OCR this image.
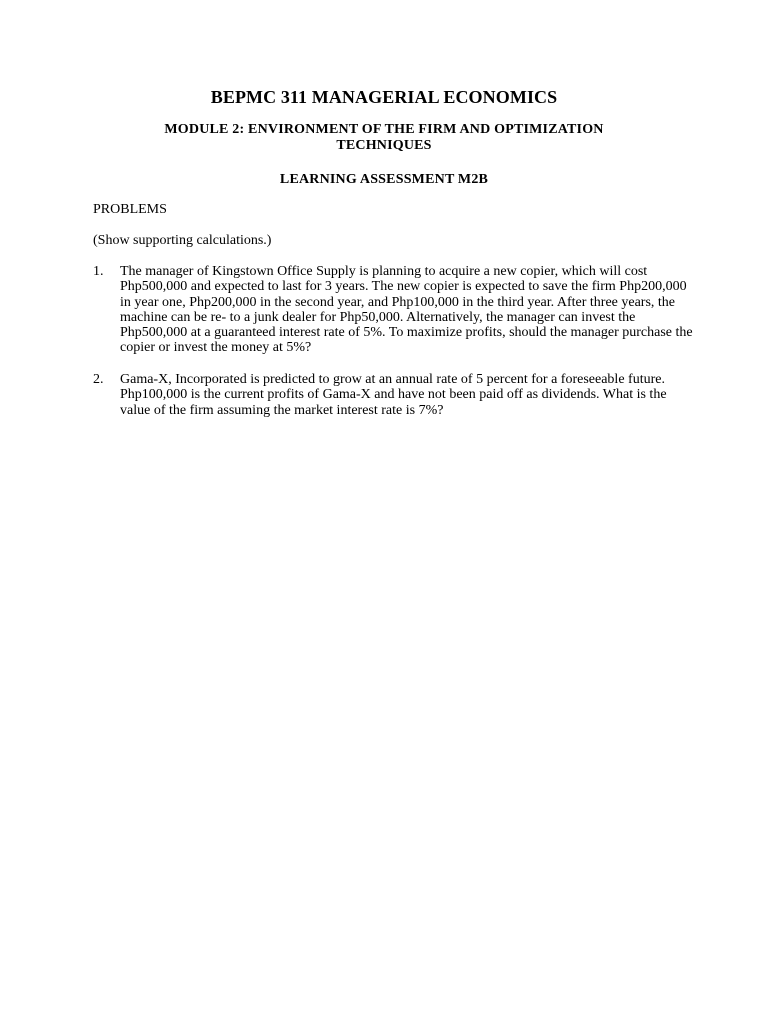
BEPMC 311 MANAGERIAL ECONOMICS
MODULE 2: ENVIRONMENT OF THE FIRM AND OPTIMIZATION TECHNIQUES
LEARNING ASSESSMENT M2B
PROBLEMS
(Show supporting calculations.)
1. The manager of Kingstown Office Supply is planning to acquire a new copier, which will cost Php500,000 and expected to last for 3 years. The new copier is expected to save the firm Php200,000 in year one, Php200,000 in the second year, and Php100,000 in the third year. After three years, the machine can be re- to a junk dealer for Php50,000. Alternatively, the manager can invest the Php500,000 at a guaranteed interest rate of 5%. To maximize profits, should the manager purchase the copier or invest the money at 5%?
2. Gama-X, Incorporated is predicted to grow at an annual rate of 5 percent for a foreseeable future. Php100,000 is the current profits of Gama-X and have not been paid off as dividends. What is the value of the firm assuming the market interest rate is 7%?
